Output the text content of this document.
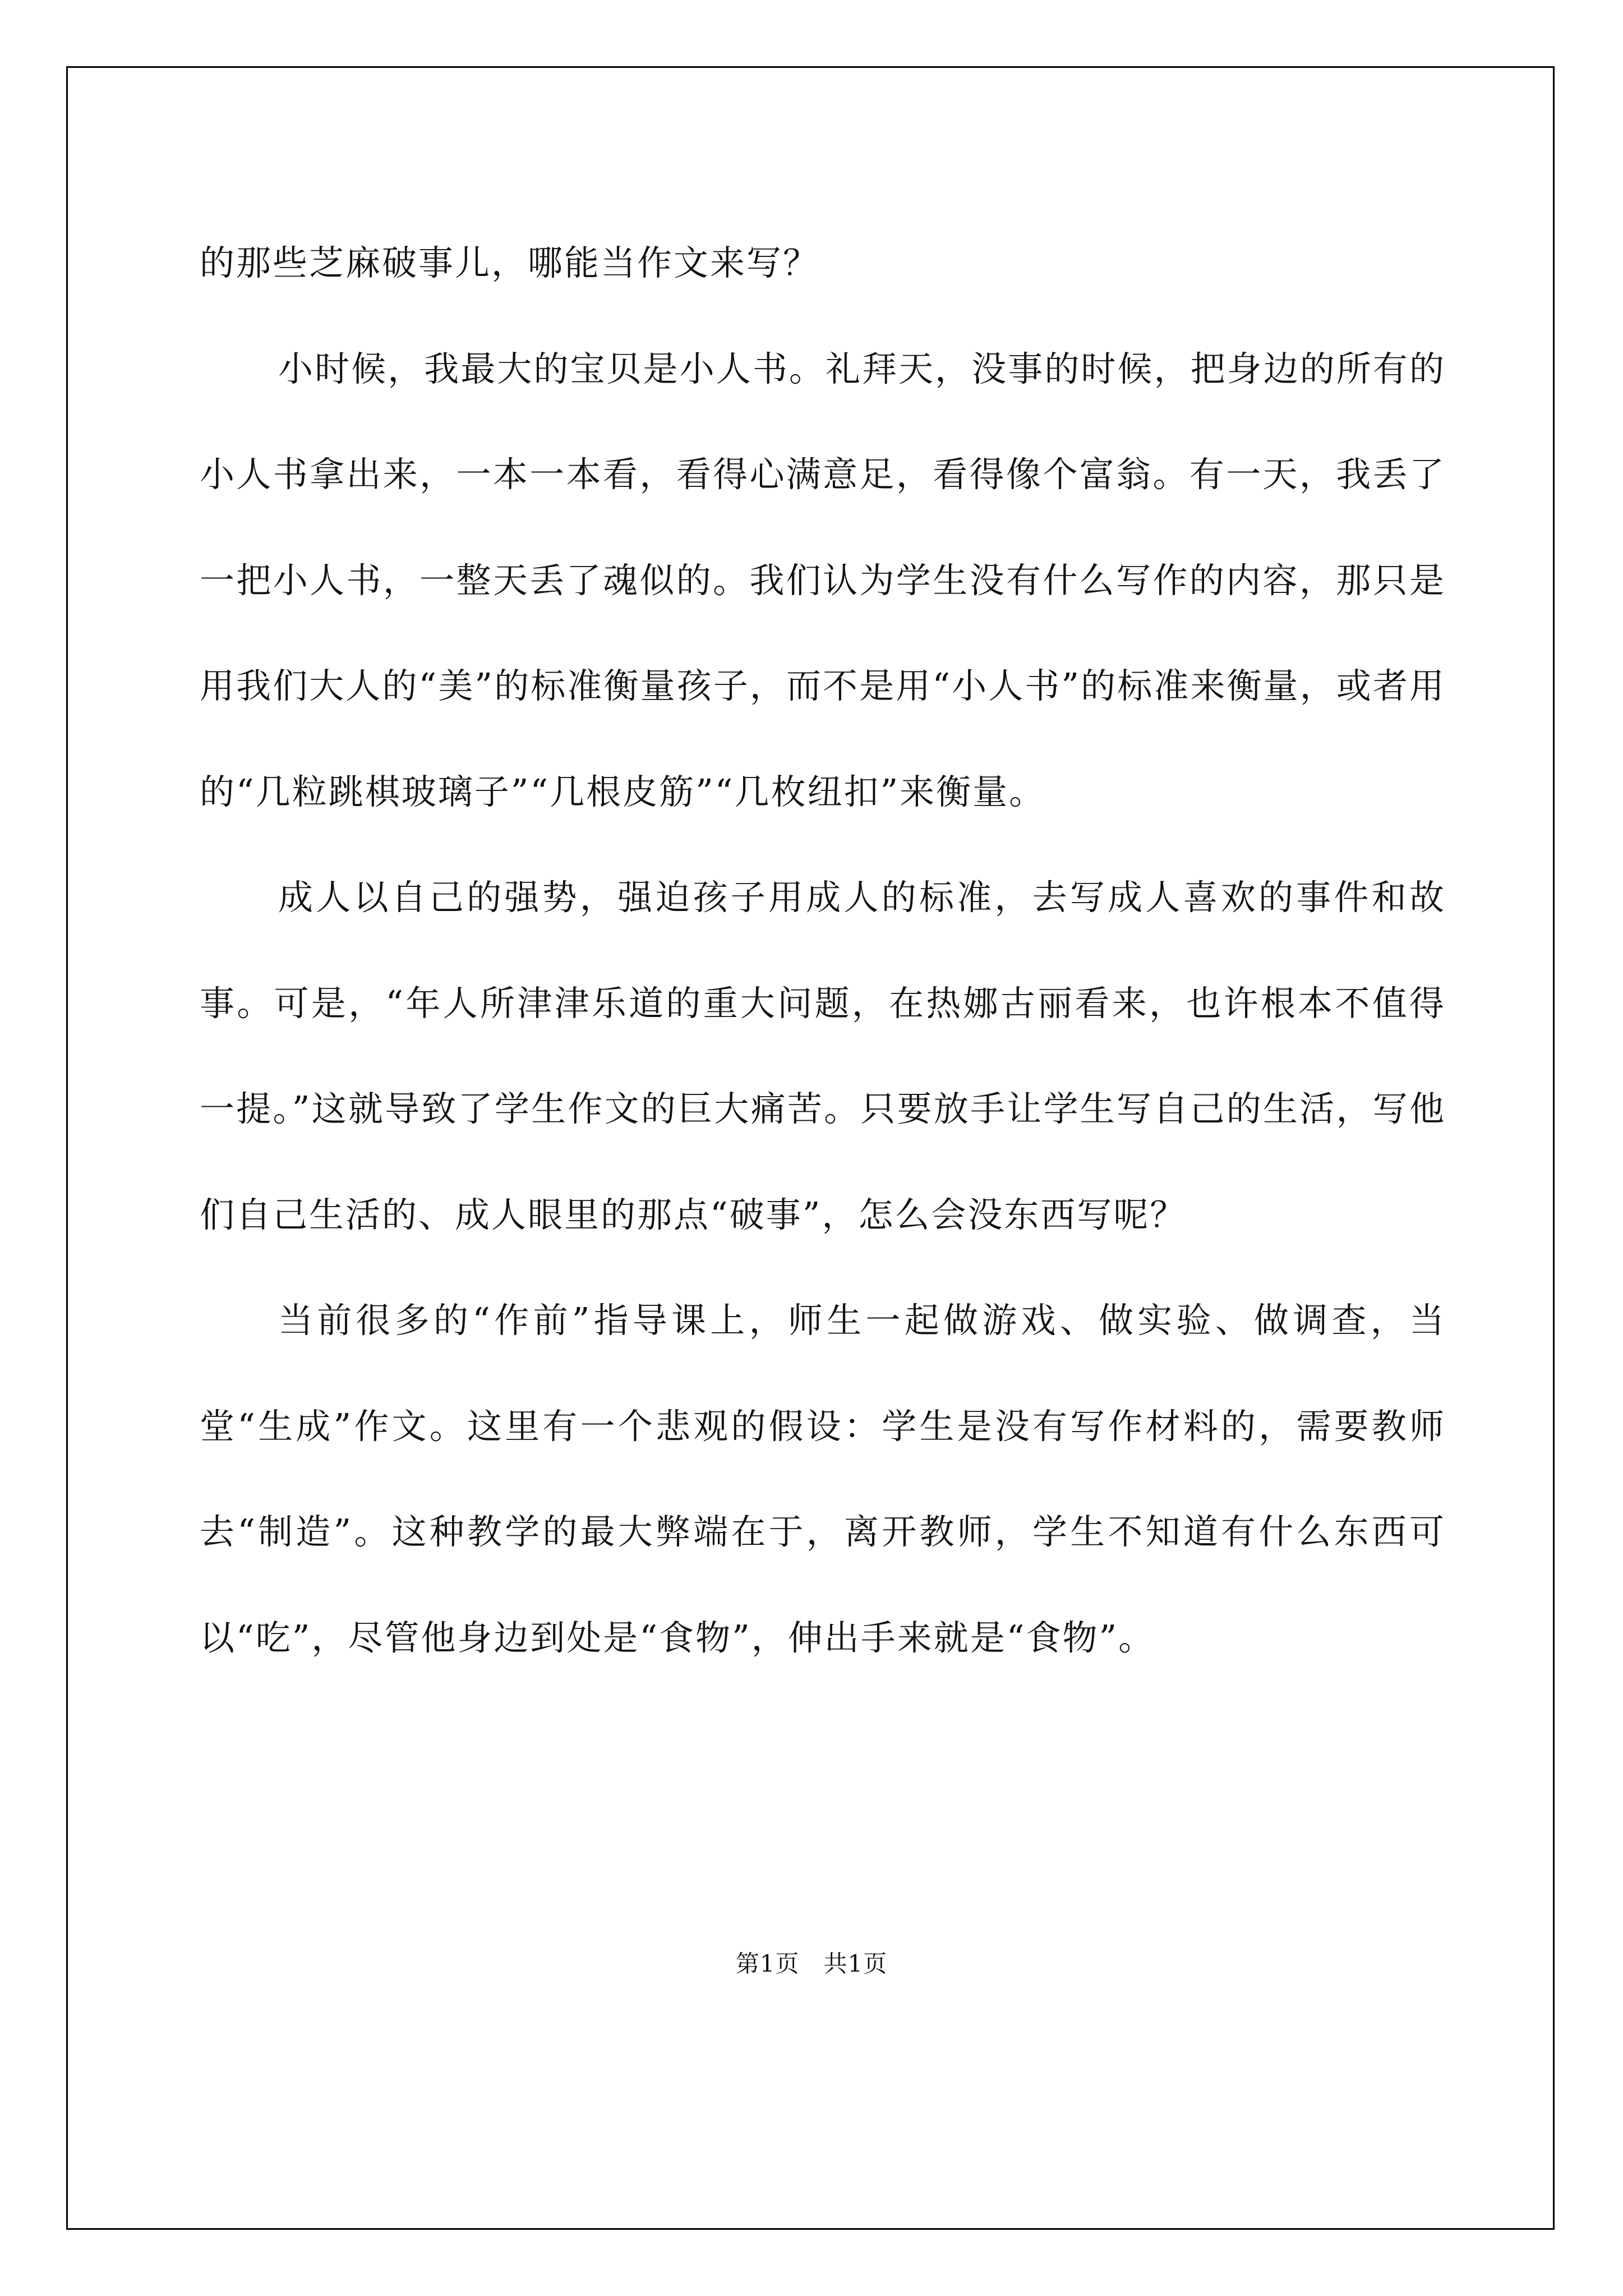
的那些芝麻破事儿，哪能当作文来写？

小时候，我最大的宝贝是小人书。礼拜天，没事的时候，把身边的所有的小人书拿出来，一本一本看，看得心满意足，看得像个富翁。有一天，我丢了一把小人书，一整天丢了魂似的。我们认为学生没有什么写作的内容，那只是用我们大人的“美”的标准衡量孩子，而不是用“小人书”的标准来衡量，或者用的“几粒跳棋玻璃子”“几根皮筋”“几枚纽扣”来衡量。

成人以自己的强势，强迫孩子用成人的标准，去写成人喜欢的事件和故事。可是，“年人所津津乐道的重大问题，在热娜古丽看来，也许根本不值得一提。”这就导致了学生作文的巨大痛苦。只要放手让学生写自己的生活，写他们自己生活的、成人眼里的那点“破事”，怎么会没东西写呢？

当前很多的“作前”指导课上，师生一起做游戏、做实验、做调查，当堂“生成”作文。这里有一个悲观的假设：学生是没有写作材料的，需要教师去“制造”。这种教学的最大弊端在于，离开教师，学生不知道有什么东西可以“吃”，尽管他身边到处是“食物”，伸出手来就是“食物”。

第1页　共1页
